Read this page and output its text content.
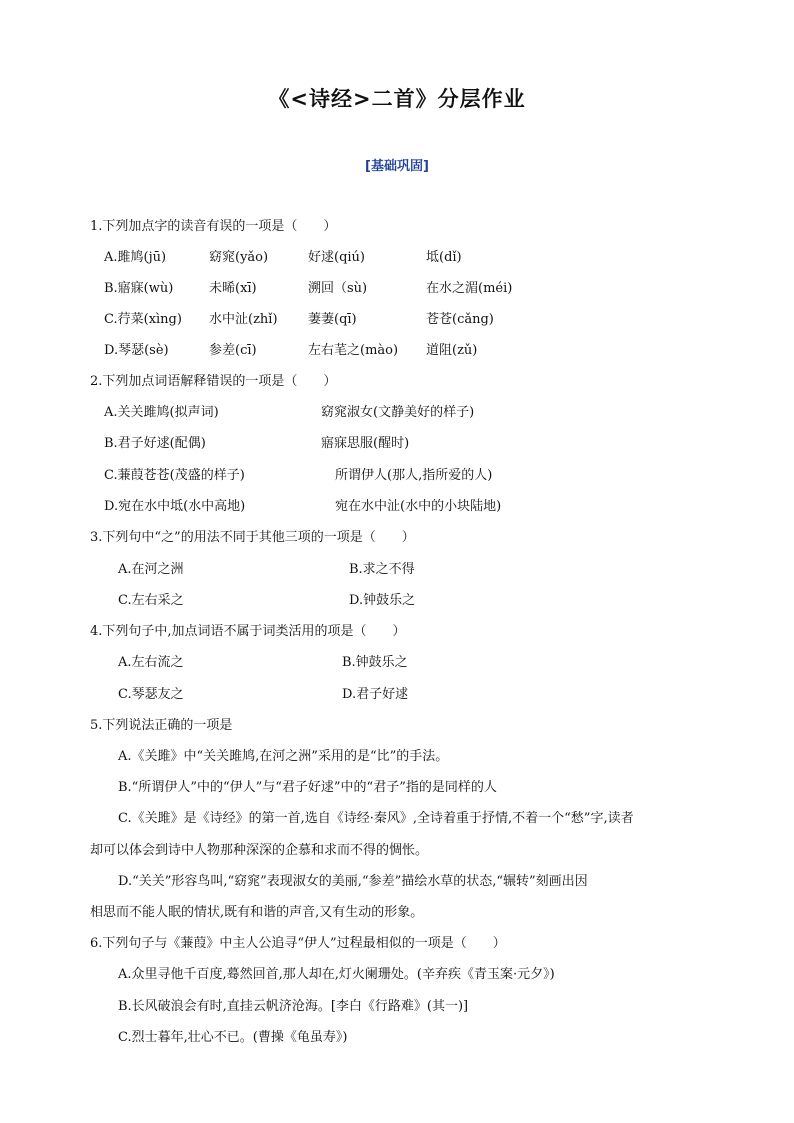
《<诗经>二首》分层作业
[基础巩固]
1.下列加点字的读音有误的一项是（　　）
A.雎鸠(jū)	窈窕(yǎo)	好逑(qiú)	坻(dǐ)
B.寤寐(wù)	未晞(xī)	溯回（sù)	在水之湄(méi)
C.荇菜(xìng) 水中沚(zhǐ) 萋萋(qī)	苍苍(cǎng)
D.琴瑟(sè)	参差(cī)	左右芼之(mào) 道阻(zǔ)
2.下列加点词语解释错误的一项是（　　）
A.关关雎鸠(拟声词)	窈窕淑女(文静美好的样子)
B.君子好逑(配偶)	寤寐思服(醒时)
C.蒹葭苍苍(茂盛的样子)	所谓伊人(那人,指所爱的人)
D.宛在水中坻(水中高地)	宛在水中沚(水中的小块陆地)
3.下列句中“之”的用法不同于其他三项的一项是（　　）
A.在河之洲	B.求之不得
C.左右采之	D.钟鼓乐之
4.下列句子中,加点词语不属于词类活用的项是（　　）
A.左右流之	B.钟鼓乐之
C.琴瑟友之	D.君子好逑
5.下列说法正确的一项是
A.《关雎》中“关关雎鸠,在河之洲”采用的是“比”的手法。
B.“所谓伊人”中的“伊人”与“君子好逑”中的“君子”指的是同样的人
C.《关雎》是《诗经》的第一首,选自《诗经·秦风》,全诗着重于抒情,不着一个“愁”字,读者
却可以体会到诗中人物那种深深的企慕和求而不得的惆怅。
D.“关关”形容鸟叫,“窈窕”表现淑女的美丽,“参差”描绘水草的状态,“辗转”刻画出因
相思而不能人眠的情状,既有和谐的声音,又有生动的形象。
6.下列句子与《蒹葭》中主人公追寻“伊人”过程最相似的一项是（　　）
A.众里寻他千百度,蓦然回首,那人却在,灯火阑珊处。(辛弃疾《青玉案·元夕》)
B.长风破浪会有时,直挂云帆济沧海。[李白《行路难》(其一)]
C.烈士暮年,壮心不已。(曹操《龟虽寿》)
